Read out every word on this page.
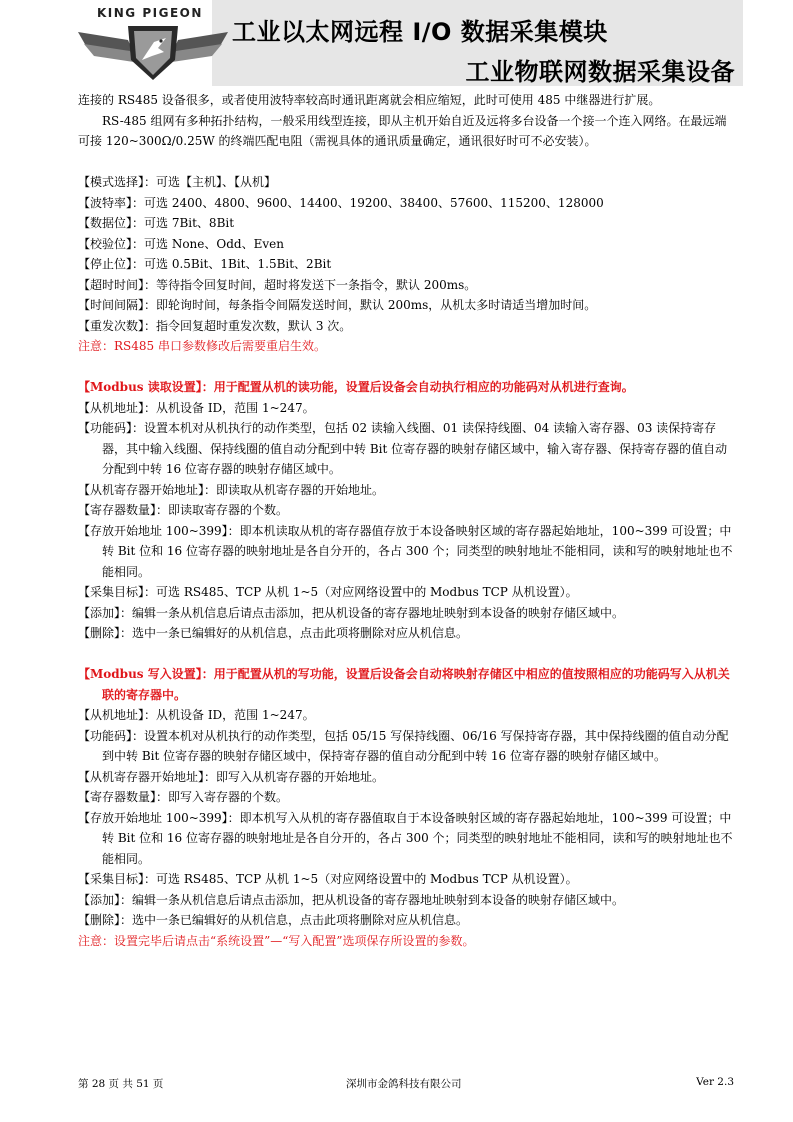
KING PIGEON
工业以太网远程 I/O 数据采集模块
工业物联网数据采集设备

连接的 RS485 设备很多，或者使用波特率较高时通讯距离就会相应缩短，此时可使用 485 中继器进行扩展。

RS-485 组网有多种拓扑结构，一般采用线型连接，即从主机开始自近及远将多台设备一个接一个连入网络。在最远端可接 120~300Ω/0.25W 的终端匹配电阻（需视具体的通讯质量确定，通讯很好时可不必安装）。

【模式选择】：可选【主机】、【从机】

【波特率】：可选 2400、4800、9600、14400、19200、38400、57600、115200、128000

【数据位】：可选 7Bit、8Bit

【校验位】：可选 None、Odd、Even

【停止位】：可选 0.5Bit、1Bit、1.5Bit、2Bit

【超时时间】：等待指令回复时间，超时将发送下一条指令，默认 200ms。

【时间间隔】：即轮询时间，每条指令间隔发送时间，默认 200ms，从机太多时请适当增加时间。

【重发次数】：指令回复超时重发次数，默认 3 次。

注意：RS485 串口参数修改后需要重启生效。

【Modbus 读取设置】：用于配置从机的读功能，设置后设备会自动执行相应的功能码对从机进行查询。

【从机地址】：从机设备 ID，范围 1~247。

【功能码】：设置本机对从机执行的动作类型，包括 02 读输入线圈、01 读保持线圈、04 读输入寄存器、03 读保持寄存器，其中输入线圈、保持线圈的值自动分配到中转 Bit 位寄存器的映射存储区域中，输入寄存器、保持寄存器的值自动分配到中转 16 位寄存器的映射存储区域中。

【从机寄存器开始地址】：即读取从机寄存器的开始地址。

【寄存器数量】：即读取寄存器的个数。

【存放开始地址 100~399】：即本机读取从机的寄存器值存放于本设备映射区域的寄存器起始地址，100~399 可设置；中转 Bit 位和 16 位寄存器的映射地址是各自分开的，各占 300 个；同类型的映射地址不能相同，读和写的映射地址也不能相同。

【采集目标】：可选 RS485、TCP 从机 1~5（对应网络设置中的 Modbus TCP 从机设置）。

【添加】：编辑一条从机信息后请点击添加，把从机设备的寄存器地址映射到本设备的映射存储区域中。

【删除】：选中一条已编辑好的从机信息，点击此项将删除对应从机信息。

【Modbus 写入设置】：用于配置从机的写功能，设置后设备会自动将映射存储区中相应的值按照相应的功能码写入从机关联的寄存器中。

【从机地址】：从机设备 ID，范围 1~247。

【功能码】：设置本机对从机执行的动作类型，包括 05/15 写保持线圈、06/16 写保持寄存器，其中保持线圈的值自动分配到中转 Bit 位寄存器的映射存储区域中，保持寄存器的值自动分配到中转 16 位寄存器的映射存储区域中。

【从机寄存器开始地址】：即写入从机寄存器的开始地址。

【寄存器数量】：即写入寄存器的个数。

【存放开始地址 100~399】：即本机写入从机的寄存器值取自于本设备映射区域的寄存器起始地址，100~399 可设置；中转 Bit 位和 16 位寄存器的映射地址是各自分开的，各占 300 个；同类型的映射地址不能相同，读和写的映射地址也不能相同。

【采集目标】：可选 RS485、TCP 从机 1~5（对应网络设置中的 Modbus TCP 从机设置）。

【添加】：编辑一条从机信息后请点击添加，把从机设备的寄存器地址映射到本设备的映射存储区域中。

【删除】：选中一条已编辑好的从机信息，点击此项将删除对应从机信息。

注意：设置完毕后请点击“系统设置”—“写入配置”选项保存所设置的参数。

第 28 页 共 51 页	深圳市金鸽科技有限公司	Ver 2.3
